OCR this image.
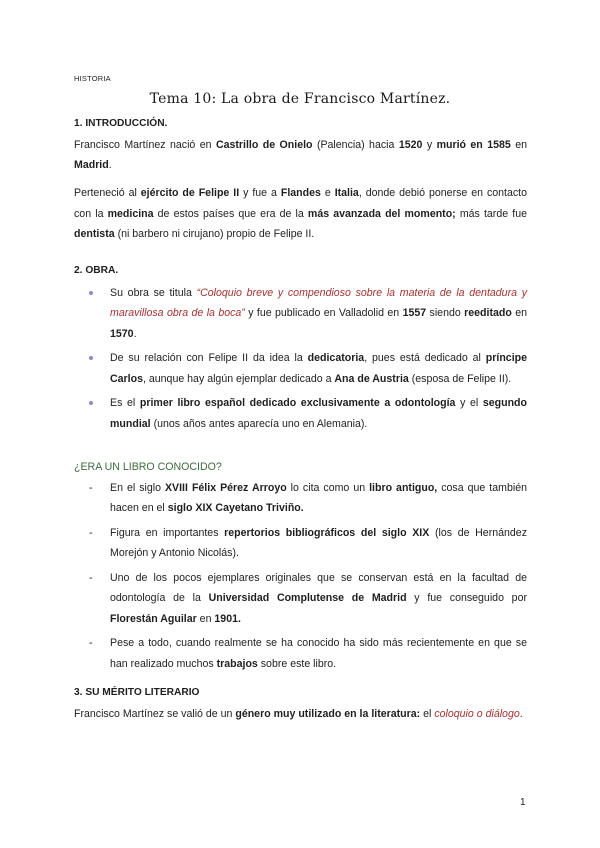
HISTORIA
Tema 10: La obra de Francisco Martínez.
1. INTRODUCCIÓN.
Francisco Martínez nació en Castrillo de Onielo (Palencia) hacia 1520 y murió en 1585 en Madrid.
Perteneció al ejército de Felipe II y fue a Flandes e Italia, donde debió ponerse en contacto con la medicina de estos países que era de la más avanzada del momento; más tarde fue dentista (ni barbero ni cirujano) propio de Felipe II.
2. OBRA.
Su obra se titula “Coloquio breve y compendioso sobre la materia de la dentadura y maravillosa obra de la boca” y fue publicado en Valladolid en 1557 siendo reeditado en 1570.
De su relación con Felipe II da idea la dedicatoria, pues está dedicado al príncipe Carlos, aunque hay algún ejemplar dedicado a Ana de Austria (esposa de Felipe II).
Es el primer libro español dedicado exclusivamente a odontología y el segundo mundial (unos años antes aparecía uno en Alemania).
¿ERA UN LIBRO CONOCIDO?
- En el siglo XVIII Félix Pérez Arroyo lo cita como un libro antiguo, cosa que también hacen en el siglo XIX Cayetano Triviño.
- Figura en importantes repertorios bibliográficos del siglo XIX (los de Hernández Morejón y Antonio Nicolás).
- Uno de los pocos ejemplares originales que se conservan está en la facultad de odontología de la Universidad Complutense de Madrid y fue conseguido por Florestán Aguilar en 1901.
- Pese a todo, cuando realmente se ha conocido ha sido más recientemente en que se han realizado muchos trabajos sobre este libro.
3. SU MÉRITO LITERARIO
Francisco Martínez se valió de un género muy utilizado en la literatura: el coloquio o diálogo.
1
